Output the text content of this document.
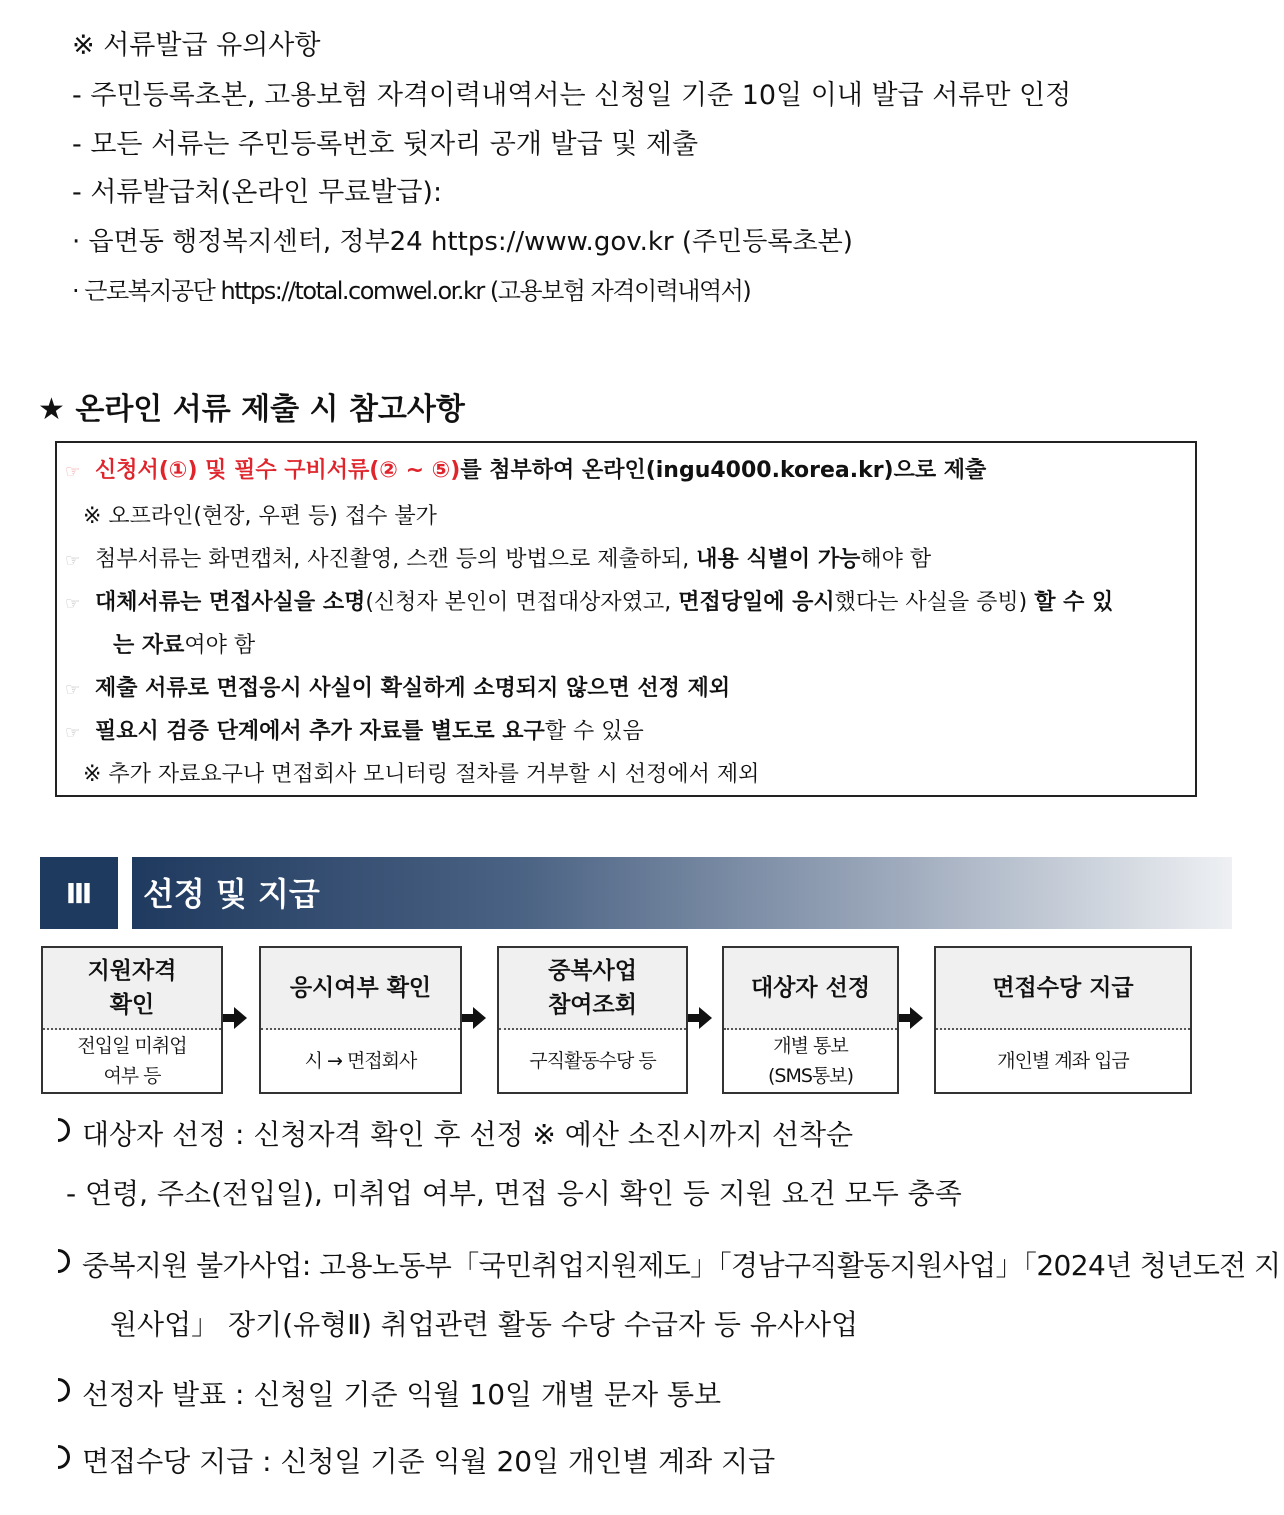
※ 서류발급 유의사항
- 주민등록초본, 고용보험 자격이력내역서는 신청일 기준 10일 이내 발급 서류만 인정
- 모든 서류는 주민등록번호 뒷자리 공개 발급 및 제출
- 서류발급처(온라인 무료발급):
· 읍면동 행정복지센터, 정부24 https://www.gov.kr (주민등록초본)
· 근로복지공단 https://total.comwel.or.kr (고용보험 자격이력내역서)
★ 온라인 서류 제출 시 참고사항
☞ 신청서(①) 및 필수 구비서류(② ~ ⑤)를 첨부하여 온라인(ingu4000.korea.kr)으로 제출
※ 오프라인(현장, 우편 등) 접수 불가
☞ 첨부서류는 화면캡처, 사진촬영, 스캔 등의 방법으로 제출하되, 내용 식별이 가능해야 함
☞ 대체서류는 면접사실을 소명(신청자 본인이 면접대상자였고, 면접당일에 응시했다는 사실을 증빙) 할 수 있
는 자료여야 함
☞ 제출 서류로 면접응시 사실이 확실하게 소명되지 않으면 선정 제외
☞ 필요시 검증 단계에서 추가 자료를 별도로 요구할 수 있음
※ 추가 자료요구나 면접회사 모니터링 절차를 거부할 시 선정에서 제외
Ⅲ	선정 및 지급
지원자격
확인
전입일 미취업
여부 등
응시여부 확인
시 → 면접회사
중복사업
참여조회
구직활동수당 등
대상자 선정
개별 통보
(SMS통보)
면접수당 지급
개인별 계좌 입금
대상자 선정 : 신청자격 확인 후 선정 ※ 예산 소진시까지 선착순
- 연령, 주소(전입일), 미취업 여부, 면접 응시 확인 등 지원 요건 모두 충족
중복지원 불가사업: 고용노동부「국민취업지원제도」「경남구직활동지원사업」「2024년 청년도전 지
원사업」 장기(유형Ⅱ) 취업관련 활동 수당 수급자 등 유사사업
선정자 발표 : 신청일 기준 익월 10일 개별 문자 통보
면접수당 지급 : 신청일 기준 익월 20일 개인별 계좌 지급
